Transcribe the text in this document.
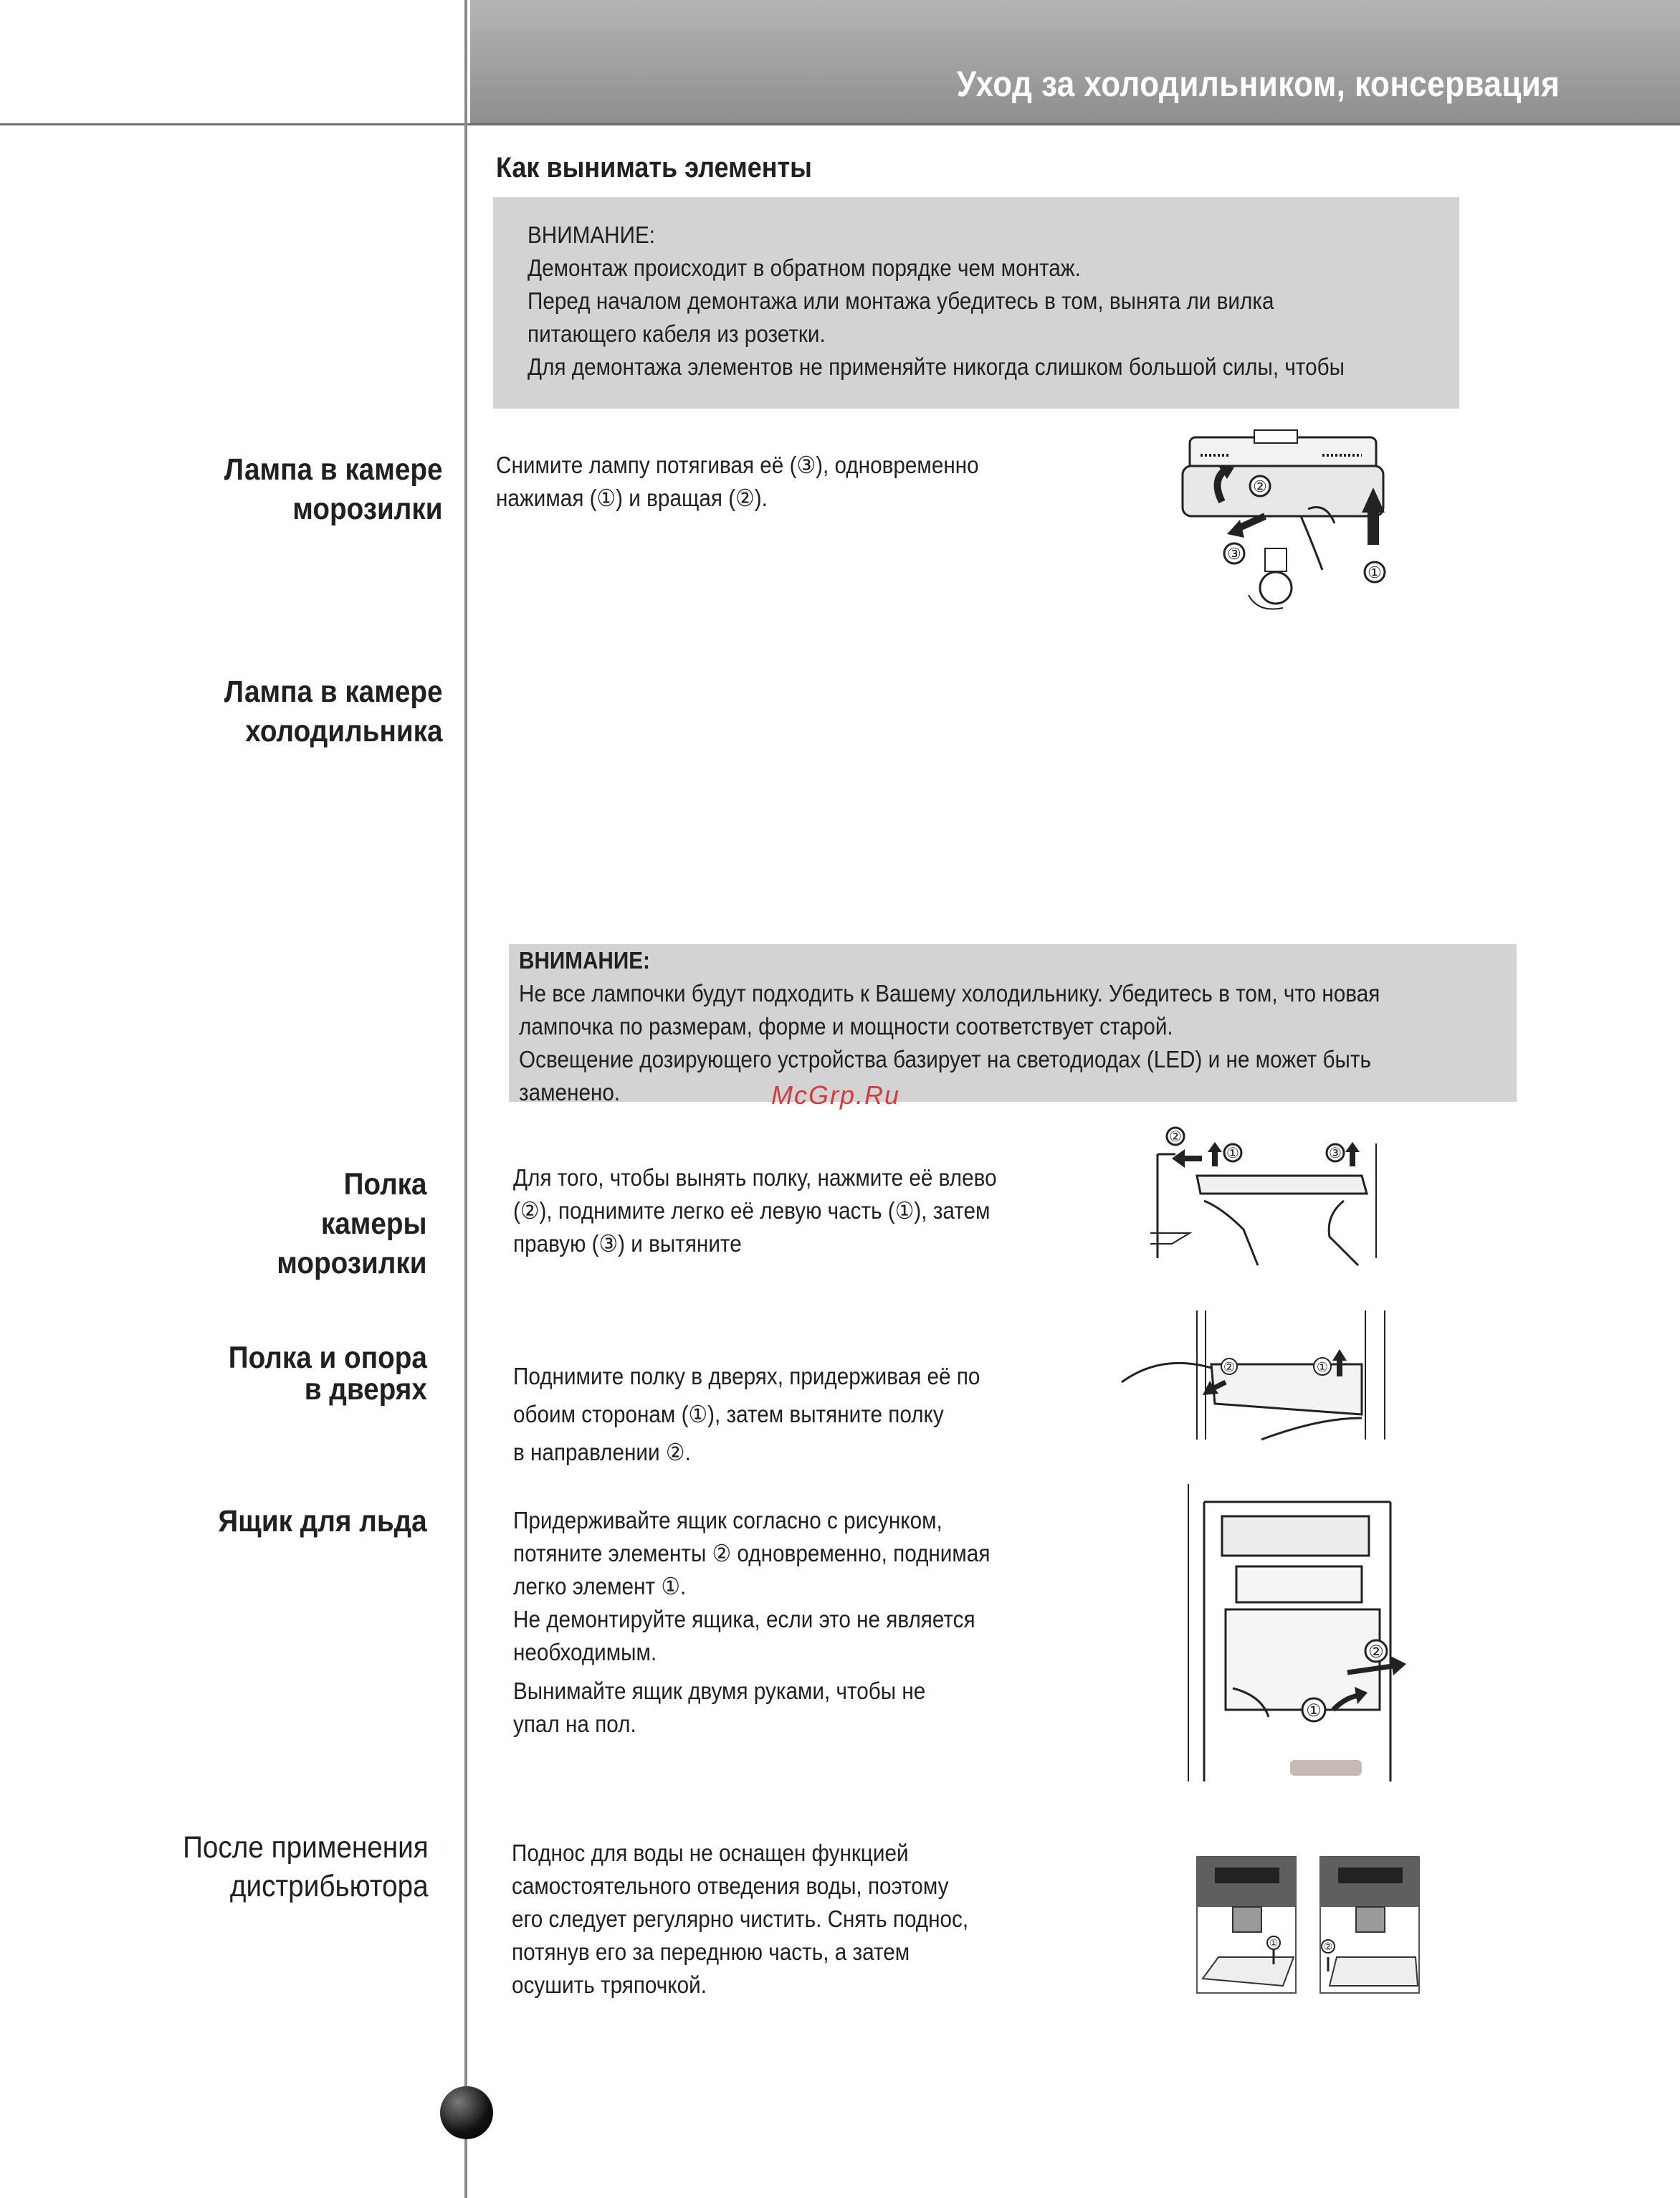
Уход за холодильником, консервация
Как вынимать элементы
ВНИМАНИЕ:
Демонтаж происходит в обратном порядке чем монтаж.
Перед началом демонтажа или монтажа убедитесь в том, вынята ли вилка
питающего кабеля из розетки.
Для демонтажа элементов не применяйте никогда слишком большой силы, чтобы
Лампа в камере
морозилки
Снимите лампу потягивая её (③), одновременно
нажимая (①) и вращая (②).	②
③
①
Лампа в камере
холодильника
ВНИМАНИЕ:
Не все лампочки будут подходить к Вашему холодильнику. Убедитесь в том, что новая
лампочка по размерам, форме и мощности соответствует старой.
Освещение дозирующего устройства базирует на светодиодах (LED) и не может быть
заменено.	McGrp.Ru
Полка
камеры
морозилки
Для того, чтобы вынять полку, нажмите её влево
(②), поднимите легко её левую часть (①), затем
правую (③) и вытяните
②
①	③
Полка и опора
в дверях	Поднимите полку в дверях, придерживая её по
обоим сторонам (①), затем вытяните полку
в направлении ②.
②	①
Ящик для льда	Придерживайте ящик согласно с рисунком,
потяните элементы ② одновременно, поднимая
легко элемент ①.
Не демонтируйте ящика, если это не является
необходимым.
Вынимайте ящик двумя руками, чтобы не
упал на пол.
②
①
После применения
дистрибьютора
Поднос для воды не оснащен функцией
самостоятельного отведения воды, поэтому
его следует регулярно чистить. Снять поднос,
потянув его за переднюю часть, а затем
осушить тряпочкой.
①	②
